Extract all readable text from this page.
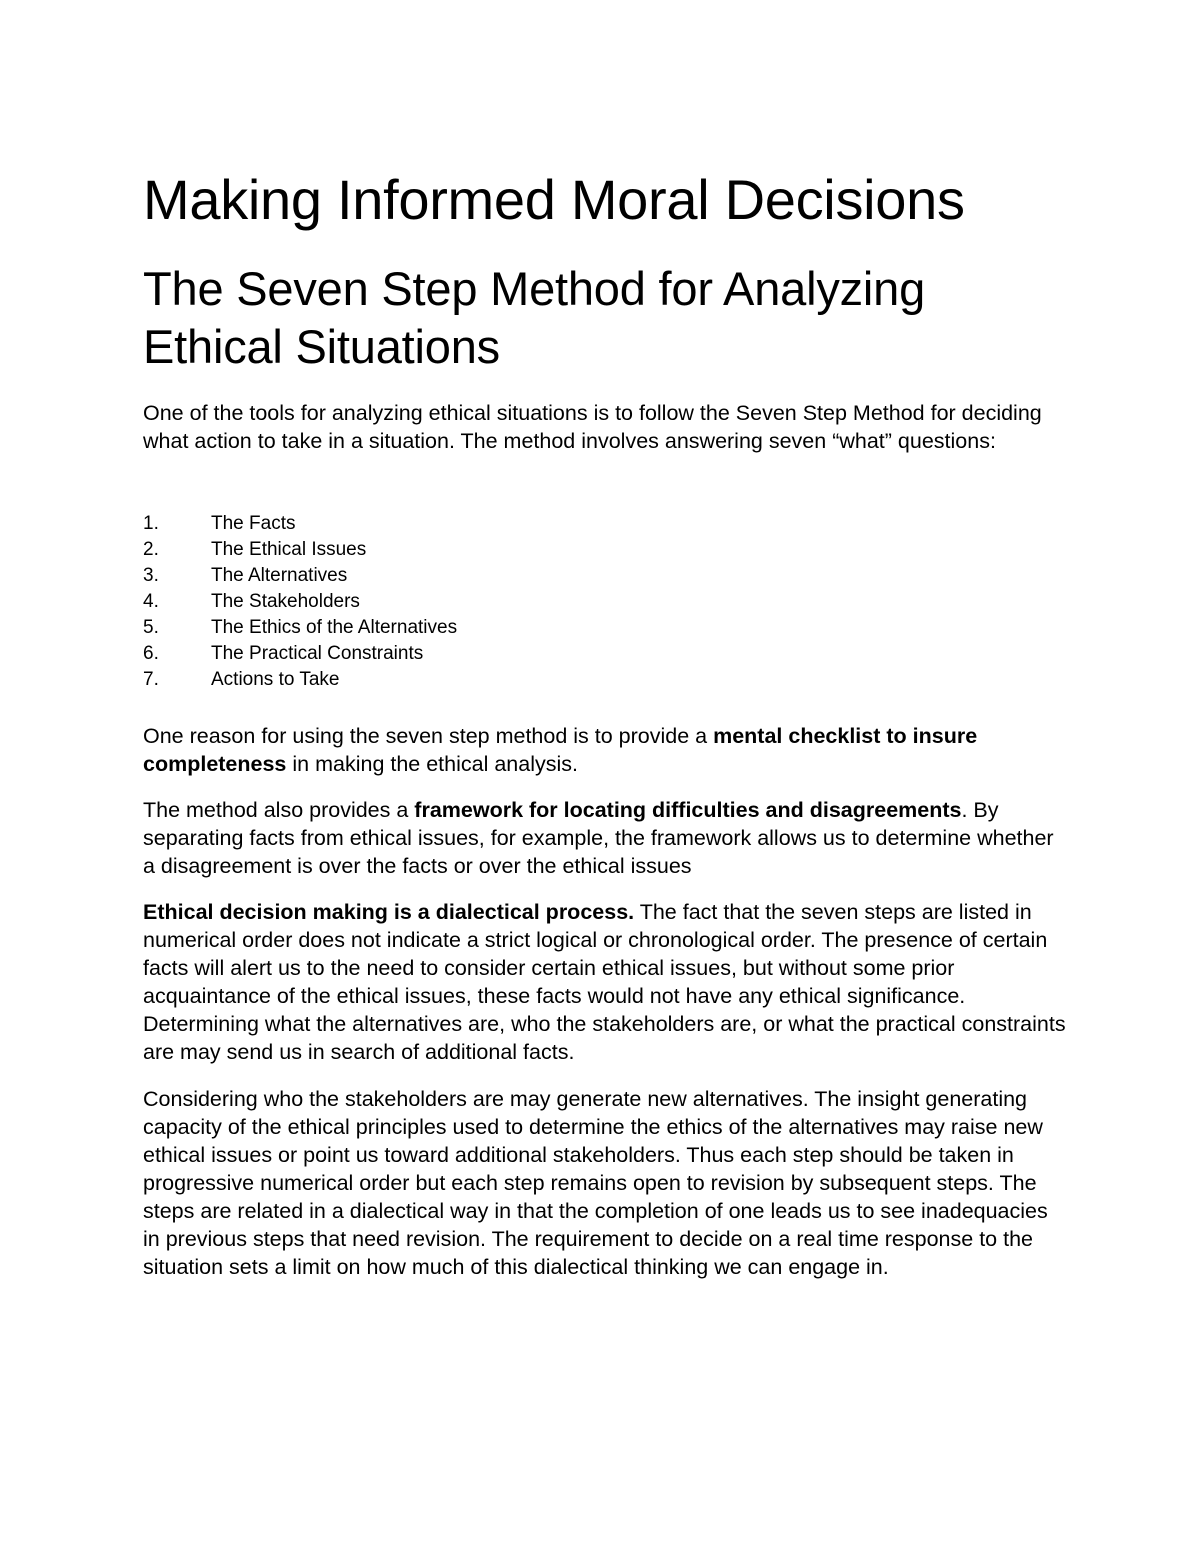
Making Informed Moral Decisions
The Seven Step Method for Analyzing Ethical Situations

One of the tools for analyzing ethical situations is to follow the Seven Step Method for deciding what action to take in a situation. The method involves answering seven “what” questions:

1.	The Facts
2.	The Ethical Issues
3.	The Alternatives
4.	The Stakeholders
5.	The Ethics of the Alternatives
6.	The Practical Constraints
7.	Actions to Take

One reason for using the seven step method is to provide a mental checklist to insure completeness in making the ethical analysis.

The method also provides a framework for locating difficulties and disagreements. By separating facts from ethical issues, for example, the framework allows us to determine whether a disagreement is over the facts or over the ethical issues

Ethical decision making is a dialectical process. The fact that the seven steps are listed in numerical order does not indicate a strict logical or chronological order. The presence of certain facts will alert us to the need to consider certain ethical issues, but without some prior acquaintance of the ethical issues, these facts would not have any ethical significance. Determining what the alternatives are, who the stakeholders are, or what the practical constraints are may send us in search of additional facts.

Considering who the stakeholders are may generate new alternatives. The insight generating capacity of the ethical principles used to determine the ethics of the alternatives may raise new ethical issues or point us toward additional stakeholders. Thus each step should be taken in progressive numerical order but each step remains open to revision by subsequent steps. The steps are related in a dialectical way in that the completion of one leads us to see inadequacies in previous steps that need revision. The requirement to decide on a real time response to the situation sets a limit on how much of this dialectical thinking we can engage in.
